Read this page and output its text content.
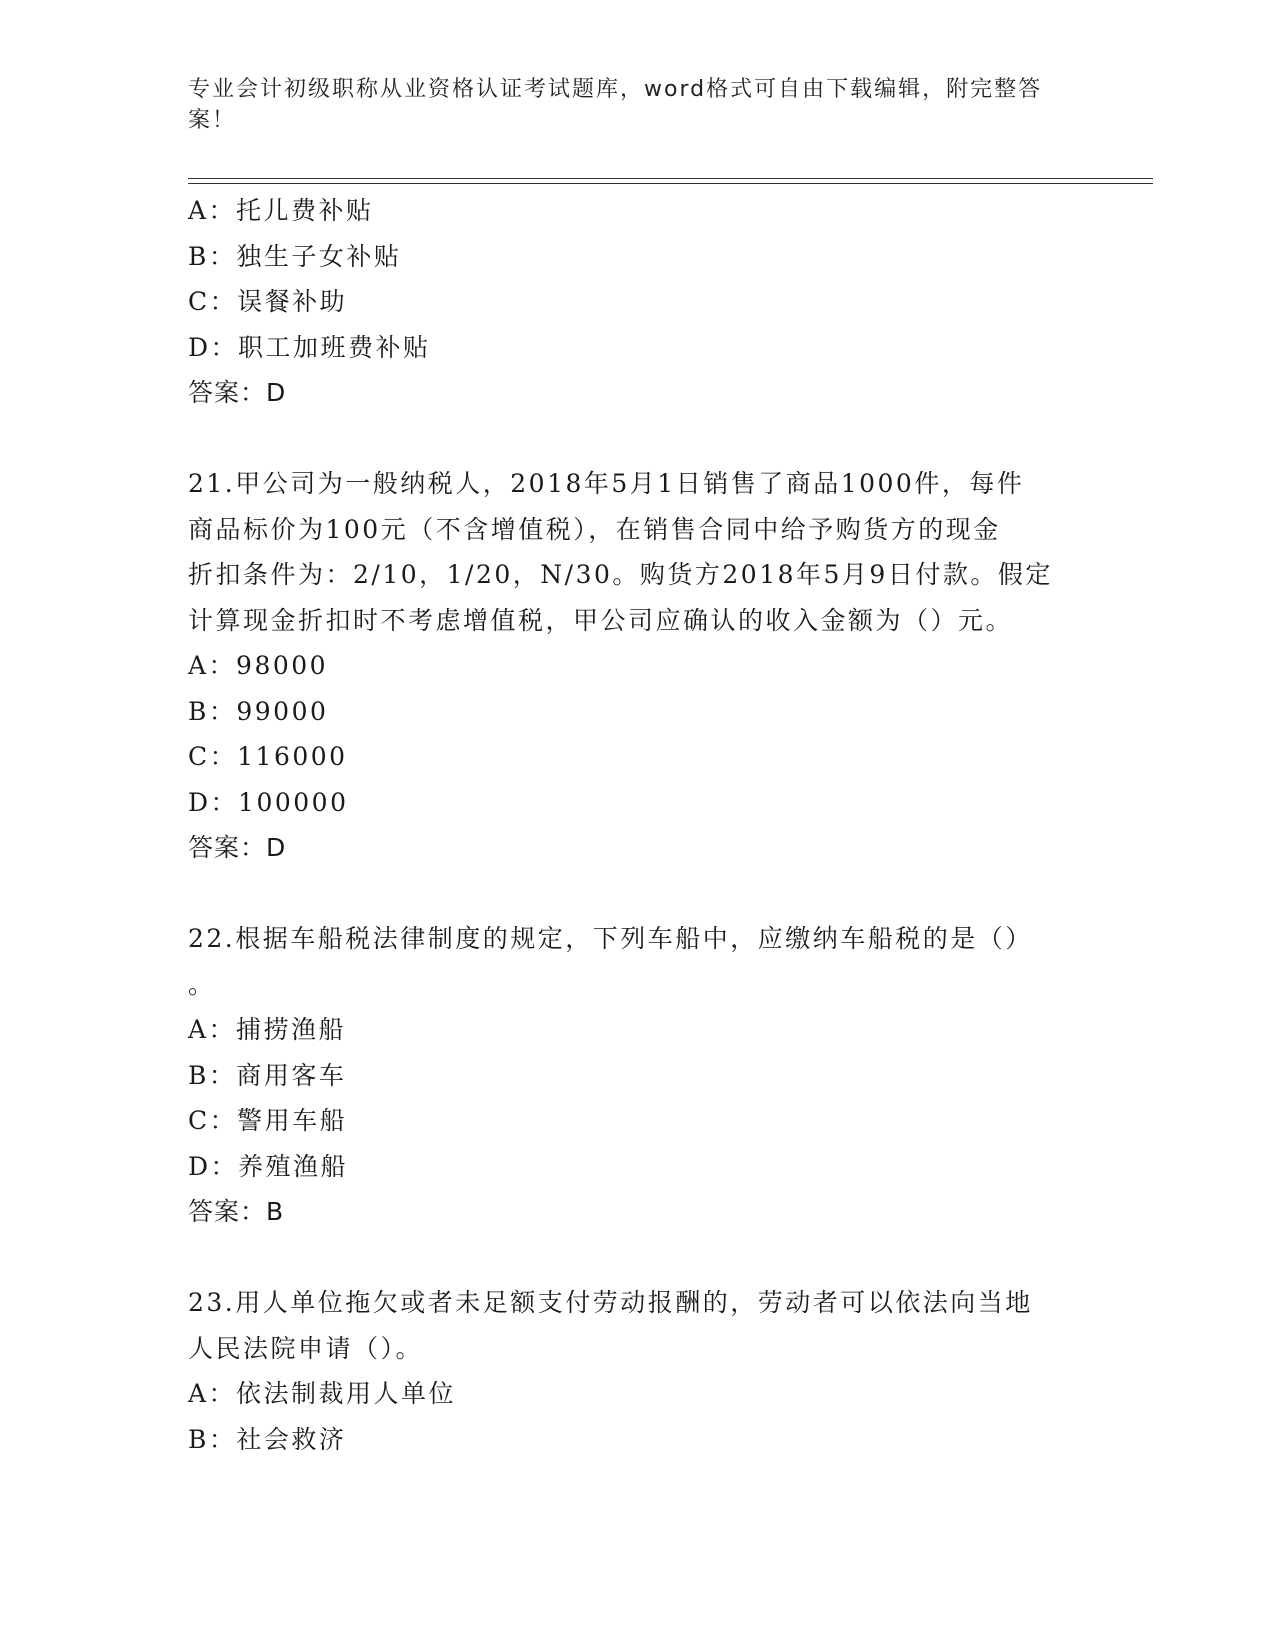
专业会计初级职称从业资格认证考试题库，word格式可自由下载编辑，附完整答
案！
A：托儿费补贴
B：独生子女补贴
C：误餐补助
D：职工加班费补贴
答案：D
21.甲公司为一般纳税人，2018年5月1日销售了商品1000件，每件
商品标价为100元（不含增值税），在销售合同中给予购货方的现金
折扣条件为：2/10，1/20，N/30。购货方2018年5月9日付款。假定
计算现金折扣时不考虑增值税，甲公司应确认的收入金额为（）元。
A：98000
B：99000
C：116000
D：100000
答案：D
22.根据车船税法律制度的规定，下列车船中，应缴纳车船税的是（）
。
A：捕捞渔船
B：商用客车
C：警用车船
D：养殖渔船
答案：B
23.用人单位拖欠或者未足额支付劳动报酬的，劳动者可以依法向当地
人民法院申请（）。
A：依法制裁用人单位
B：社会救济
